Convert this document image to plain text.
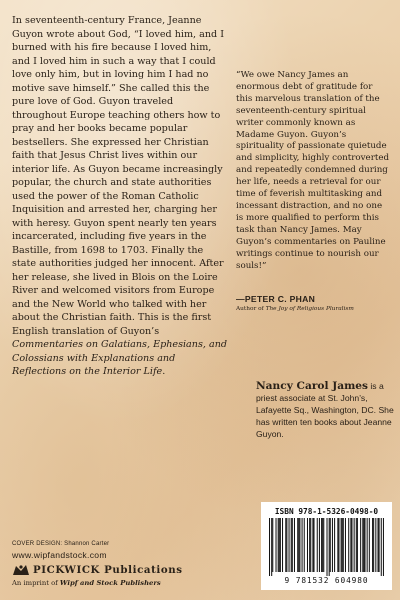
In seventeenth-century France, Jeanne Guyon wrote about God, “I loved him, and I burned with his fire because I loved him, and I loved him in such a way that I could love only him, but in loving him I had no motive save himself.” She called this the pure love of God. Guyon traveled throughout Europe teaching others how to pray and her books became popular bestsellers. She expressed her Christian faith that Jesus Christ lives within our interior life. As Guyon became increasingly popular, the church and state authorities used the power of the Roman Catholic Inquisition and arrested her, charging her with heresy. Guyon spent nearly ten years incarcerated, including five years in the Bastille, from 1698 to 1703. Finally the state authorities judged her innocent. After her release, she lived in Blois on the Loire River and welcomed visitors from Europe and the New World who talked with her about the Christian faith. This is the first English translation of Guyon’s Commentaries on Galatians, Ephesians, and Colossians with Explanations and Reflections on the Interior Life.
“We owe Nancy James an enormous debt of gratitude for this marvelous translation of the seventeenth-century spiritual writer commonly known as Madame Guyon. Guyon’s spirituality of passionate quietude and simplicity, highly controverted and repeatedly condemned during her life, needs a retrieval for our time of feverish multitasking and incessant distraction, and no one is more qualified to perform this task than Nancy James. May Guyon’s commentaries on Pauline writings continue to nourish our souls!”
—PETER C. PHAN
Author of The Joy of Religious Pluralism
Nancy Carol James is a priest associate at St. John’s, Lafayette Sq., Washington, DC. She has written ten books about Jeanne Guyon.
COVER DESIGN: Shannon Carter
www.wipfandstock.com
PICKWICK Publications
An imprint of Wipf and Stock Publishers
ISBN 978-1-5326-0498-0
9 781532 604980
